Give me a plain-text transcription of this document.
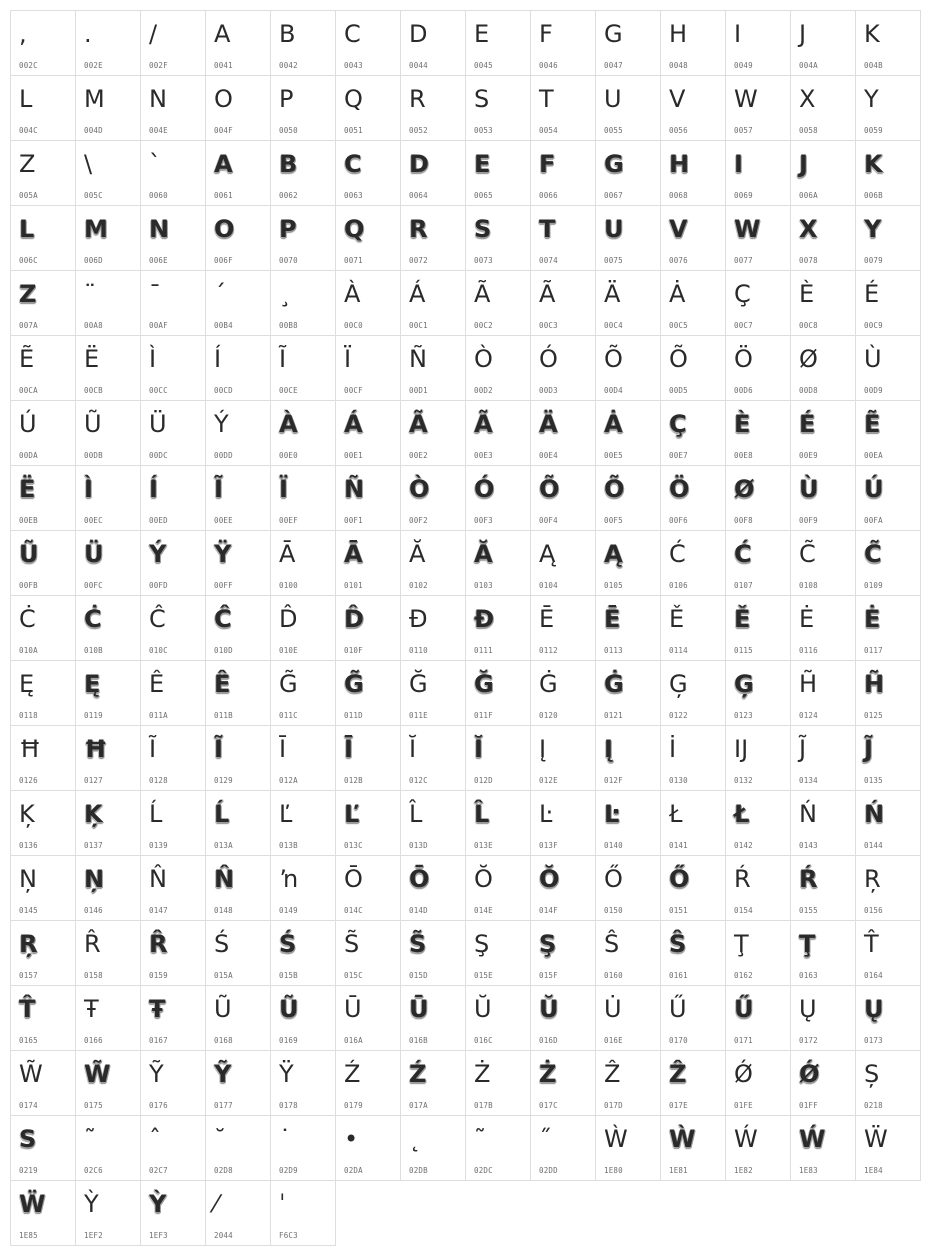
,
002C
.
002E
/
002F
A
0041
B
0042
C
0043
D
0044
E
0045
F
0046
G
0047
H
0048
I
0049
J
004A
K
004B
L
004C
M
004D
N
004E
O
004F
P
0050
Q
0051
R
0052
S
0053
T
0054
U
0055
V
0056
W
0057
X
0058
Y
0059
Z
005A
\
005C
`
0060
A
0061
B
0062
C
0063
D
0064
E
0065
F
0066
G
0067
H
0068
I
0069
J
006A
K
006B
L
006C
M
006D
N
006E
O
006F
P
0070
Q
0071
R
0072
S
0073
T
0074
U
0075
V
0076
W
0077
X
0078
Y
0079
Z
007A
¨
00A8
¯
00AF
´
00B4
¸
00B8
À
00C0
Á
00C1
Ã
00C2
Ã
00C3
Ä
00C4
Ȧ
00C5
Ç
00C7
È
00C8
É
00C9
Ẽ
00CA
Ë
00CB
Ì
00CC
Í
00CD
Ĩ
00CE
Ï
00CF
Ñ
00D1
Ò
00D2
Ó
00D3
Õ
00D4
Õ
00D5
Ö
00D6
Ø
00D8
Ù
00D9
Ú
00DA
Ũ
00DB
Ü
00DC
Ý
00DD
À
00E0
Á
00E1
Ã
00E2
Ã
00E3
Ä
00E4
Ȧ
00E5
Ç
00E7
È
00E8
É
00E9
Ẽ
00EA
Ë
00EB
Ì
00EC
Í
00ED
Ĩ
00EE
Ï
00EF
Ñ
00F1
Ò
00F2
Ó
00F3
Õ
00F4
Õ
00F5
Ö
00F6
Ø
00F8
Ù
00F9
Ú
00FA
Ũ
00FB
Ü
00FC
Ý
00FD
Ÿ
00FF
Ā
0100
Ā
0101
Ă
0102
Ă
0103
Ą
0104
Ą
0105
Ć
0106
Ć
0107
C̃
0108
C̃
0109
Ċ
010A
Ċ
010B
Ĉ
010C
Ĉ
010D
D̂
010E
D̂
010F
Đ
0110
Đ
0111
Ē
0112
Ē
0113
Ě
0114
Ě
0115
Ė
0116
Ė
0117
Ę
0118
Ę
0119
Ê
011A
Ê
011B
G̃
011C
G̃
011D
Ğ
011E
Ğ
011F
Ġ
0120
Ġ
0121
Ģ
0122
Ģ
0123
H̃
0124
H̃
0125
Ħ
0126
Ħ
0127
Ĩ
0128
Ĩ
0129
Ī
012A
Ī
012B
Ĭ
012C
Ĭ
012D
Į
012E
Į
012F
İ
0130
IJ
0132
J̃
0134
J̃
0135
Ķ
0136
Ķ
0137
Ĺ
0139
Ĺ
013A
Ľ
013B
Ľ
013C
L̂
013D
L̂
013E
Ŀ
013F
Ŀ
0140
Ł
0141
Ł
0142
Ń
0143
Ń
0144
Ņ
0145
Ņ
0146
N̂
0147
N̂
0148
ŉ
0149
Ō
014C
Ō
014D
Ŏ
014E
Ŏ
014F
Ő
0150
Ő
0151
Ŕ
0154
Ŕ
0155
Ŗ
0156
Ŗ
0157
R̂
0158
R̂
0159
Ś
015A
Ś
015B
S̃
015C
S̃
015D
Ş
015E
Ş
015F
Ŝ
0160
Ŝ
0161
Ţ
0162
Ţ
0163
T̂
0164
T̂
0165
Ŧ
0166
Ŧ
0167
Ũ
0168
Ũ
0169
Ū
016A
Ū
016B
Ŭ
016C
Ŭ
016D
U̇
016E
Ű
0170
Ű
0171
Ų
0172
Ų
0173
W̃
0174
W̃
0175
Ỹ
0176
Ỹ
0177
Ÿ
0178
Ź
0179
Ź
017A
Ż
017B
Ż
017C
Ẑ
017D
Ẑ
017E
Ǿ
01FE
Ǿ
01FF
Ș
0218
S
0219
˜
02C6
ˆ
02C7
˘
02D8
˙
02D9
•
02DA
˛
02DB
˜
02DC
˝
02DD
Ẁ
1E80
Ẁ
1E81
Ẃ
1E82
Ẃ
1E83
Ẅ
1E84
Ẅ
1E85
Ỳ
1EF2
Ỳ
1EF3
⁄
2044
ˈ
F6C3
